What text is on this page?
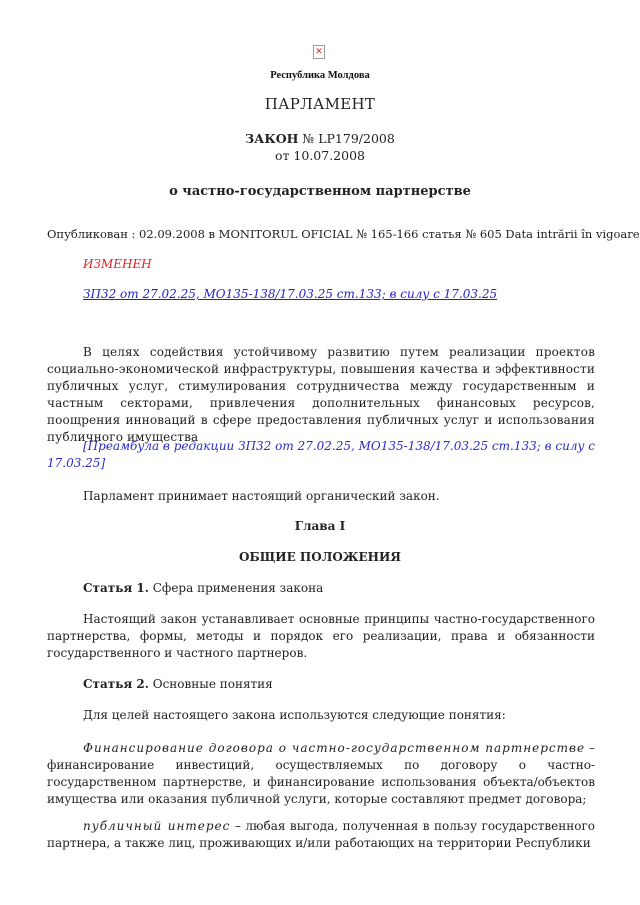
✕
Республика Молдова
ПАРЛАМЕНТ
ЗАКОН № LP179/2008
от 10.07.2008
о частно-государственном партнерстве
Опубликован : 02.09.2008 в MONITORUL OFICIAL № 165-166 статья № 605 Data intrării în vigoare
ИЗМЕНЕН
ЗП32 от 27.02.25, MO135-138/17.03.25 ст.133; в силу с 17.03.25
В целях содействия устойчивому развитию путем реализации проектов социально-экономической инфраструктуры, повышения качества и эффективности публичных услуг, стимулирования сотрудничества между государственным и частным секторами, привлечения дополнительных финансовых ресурсов, поощрения инноваций в сфере предоставления публичных услуг и использования публичного имущества
[Преамбула в редакции ЗП32 от 27.02.25, MO135-138/17.03.25 ст.133; в силу с 17.03.25]
Парламент принимает настоящий органический закон.
Глава I
ОБЩИЕ ПОЛОЖЕНИЯ
Статья 1. Сфера применения закона
Настоящий закон устанавливает основные принципы частно-государственного партнерства, формы, методы и порядок его реализации, права и обязанности государственного и частного партнеров.
Статья 2. Основные понятия
Для целей настоящего закона используются следующие понятия:
Финансирование договора о частно-государственном партнерстве – финансирование инвестиций, осуществляемых по договору о частно-государственном партнерстве, и финансирование использования объекта/объектов имущества или оказания публичной услуги, которые составляют предмет договора;
публичный интерес – любая выгода, полученная в пользу государственного партнера, а также лиц, проживающих и/или работающих на территории Республики
